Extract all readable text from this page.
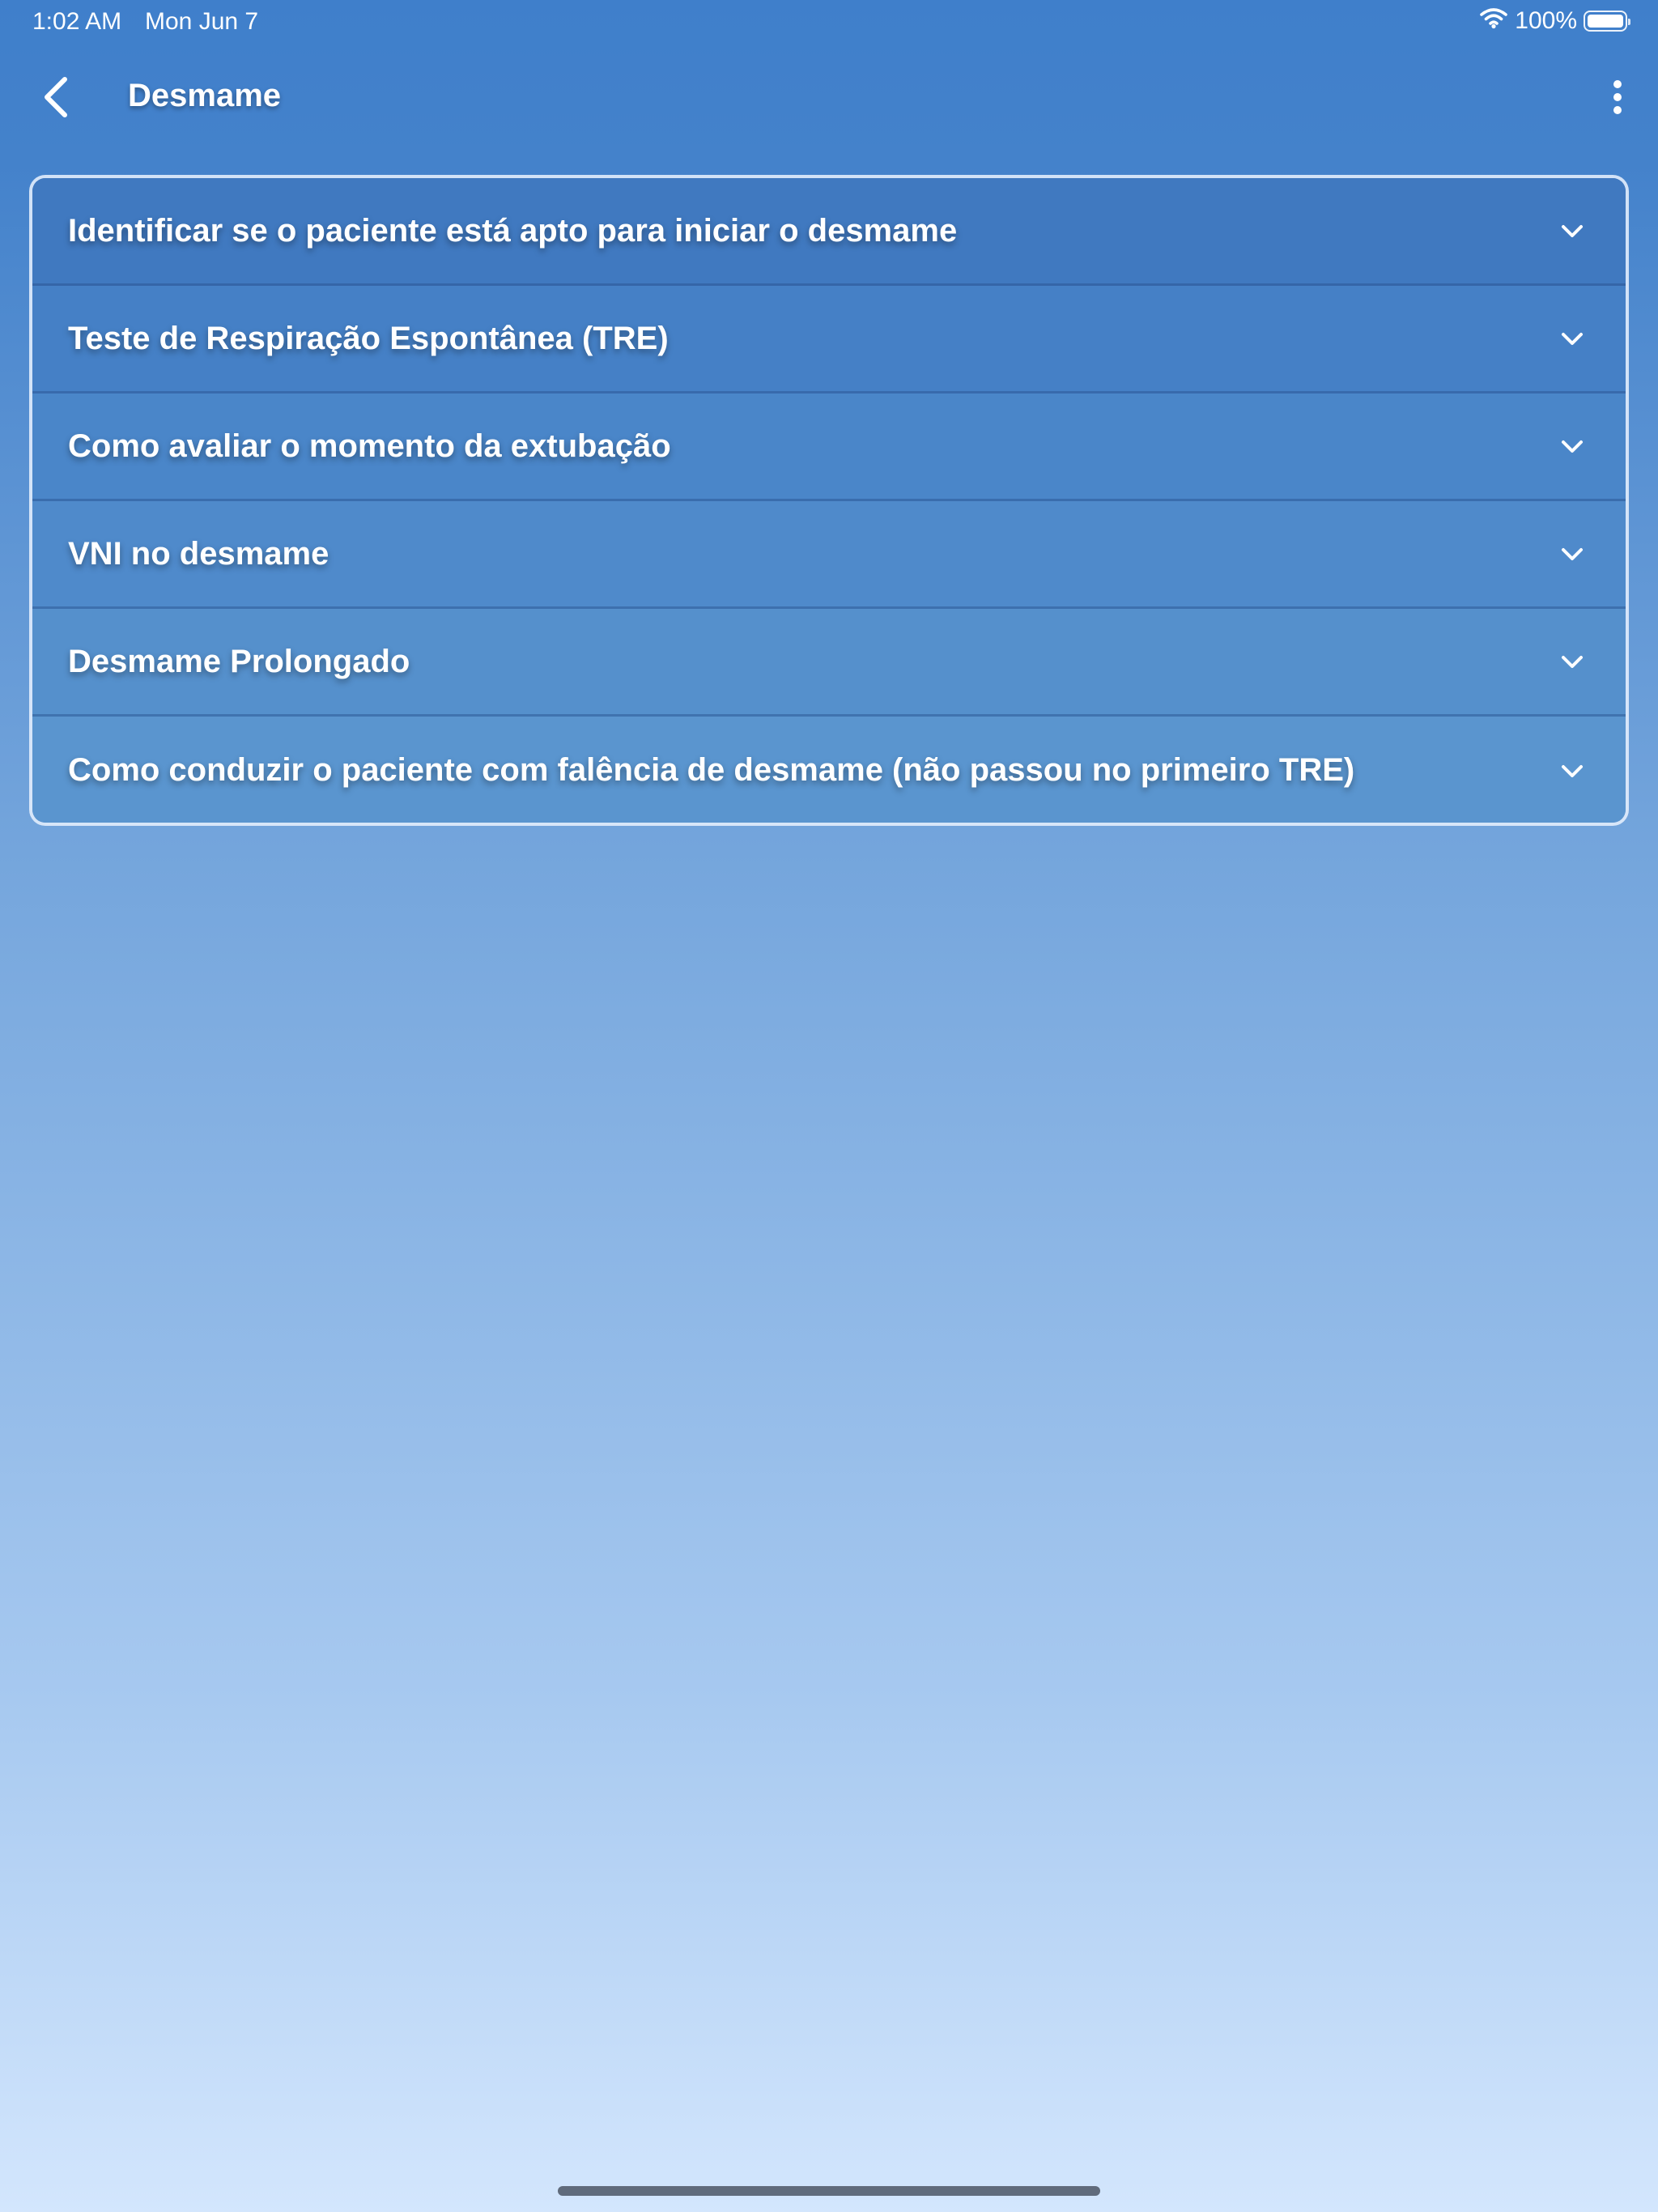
1:02 AM Mon Jun 7	100%
Desmame
Identificar se o paciente está apto para iniciar o desmame
Teste de Respiração Espontânea (TRE)
Como avaliar o momento da extubação
VNI no desmame
Desmame Prolongado
Como conduzir o paciente com falência de desmame (não passou no primeiro TRE)
